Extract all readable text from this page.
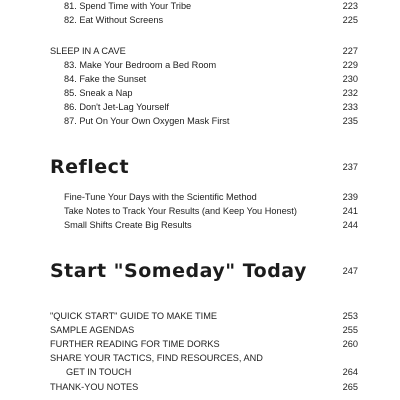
81. Spend Time with Your Tribe	223
82. Eat Without Screens	225
SLEEP IN A CAVE	227
83. Make Your Bedroom a Bed Room	229
84. Fake the Sunset	230
85. Sneak a Nap	232
86. Don't Jet-Lag Yourself	233
87. Put On Your Own Oxygen Mask First	235
Reflect	237
Fine-Tune Your Days with the Scientific Method	239
Take Notes to Track Your Results (and Keep You Honest)	241
Small Shifts Create Big Results	244
Start "Someday" Today	247
"QUICK START" GUIDE TO MAKE TIME	253
SAMPLE AGENDAS	255
FURTHER READING FOR TIME DORKS	260
SHARE YOUR TACTICS, FIND RESOURCES, AND
GET IN TOUCH	264
THANK-YOU NOTES	265
